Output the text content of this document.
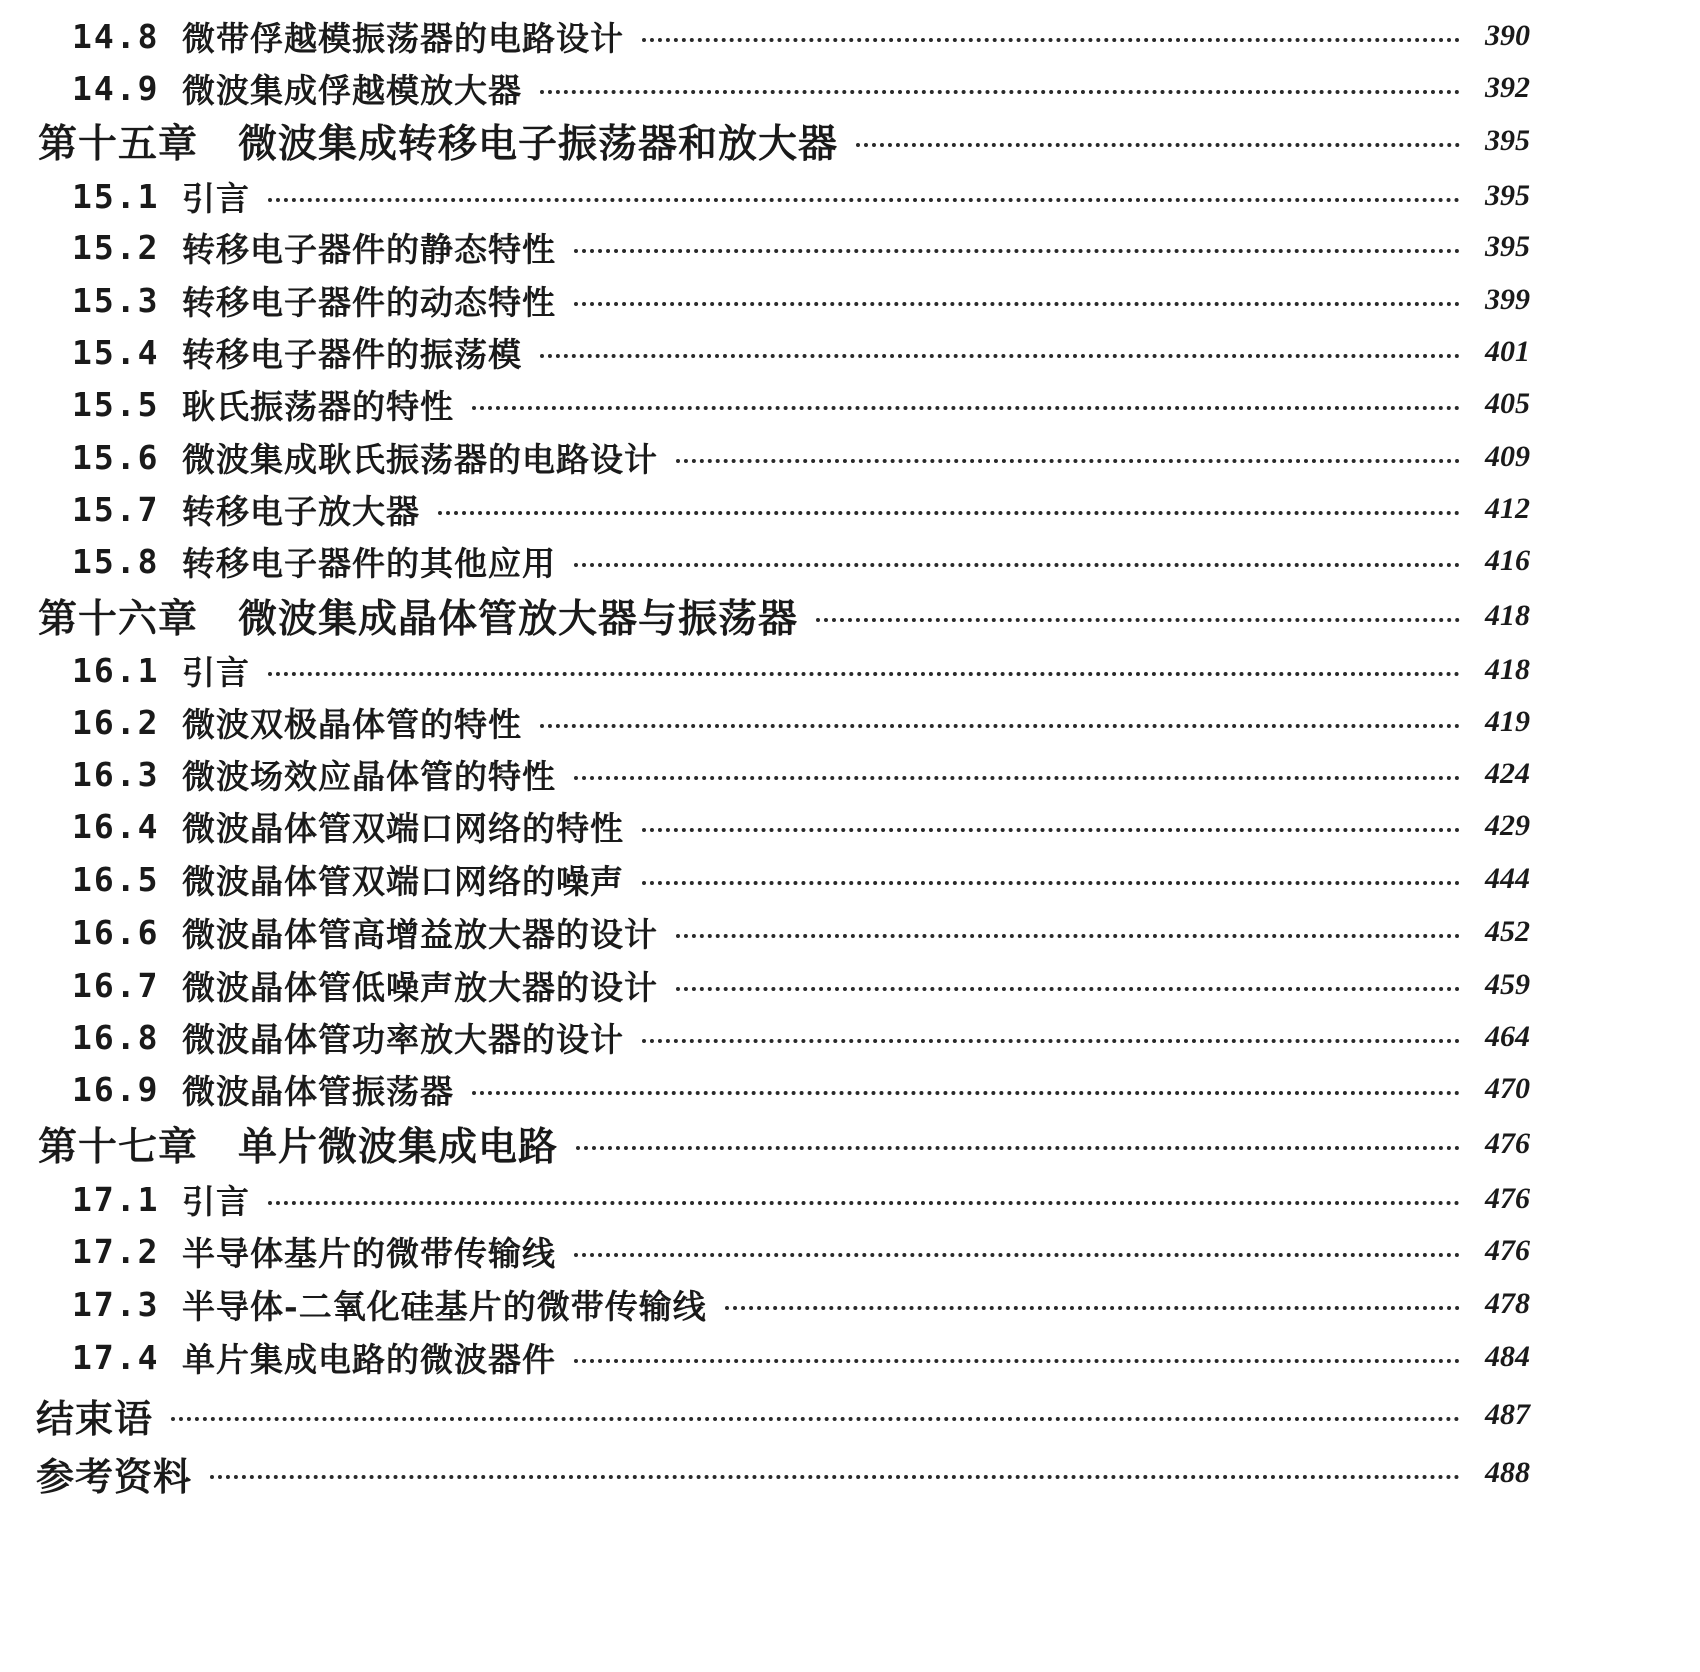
14.8 微带俘越模振荡器的电路设计	390
14.9 微波集成俘越模放大器	392
第十五章　微波集成转移电子振荡器和放大器	395
15.1 引言	395
15.2 转移电子器件的静态特性	395
15.3 转移电子器件的动态特性	399
15.4 转移电子器件的振荡模	401
15.5 耿氏振荡器的特性	405
15.6 微波集成耿氏振荡器的电路设计	409
15.7 转移电子放大器	412
15.8 转移电子器件的其他应用	416
第十六章　微波集成晶体管放大器与振荡器	418
16.1 引言	418
16.2 微波双极晶体管的特性	419
16.3 微波场效应晶体管的特性	424
16.4 微波晶体管双端口网络的特性	429
16.5 微波晶体管双端口网络的噪声	444
16.6 微波晶体管高增益放大器的设计	452
16.7 微波晶体管低噪声放大器的设计	459
16.8 微波晶体管功率放大器的设计	464
16.9 微波晶体管振荡器	470
第十七章　单片微波集成电路	476
17.1 引言	476
17.2 半导体基片的微带传输线	476
17.3 半导体-二氧化硅基片的微带传输线	478
17.4 单片集成电路的微波器件	484
结束语	487
参考资料	488
